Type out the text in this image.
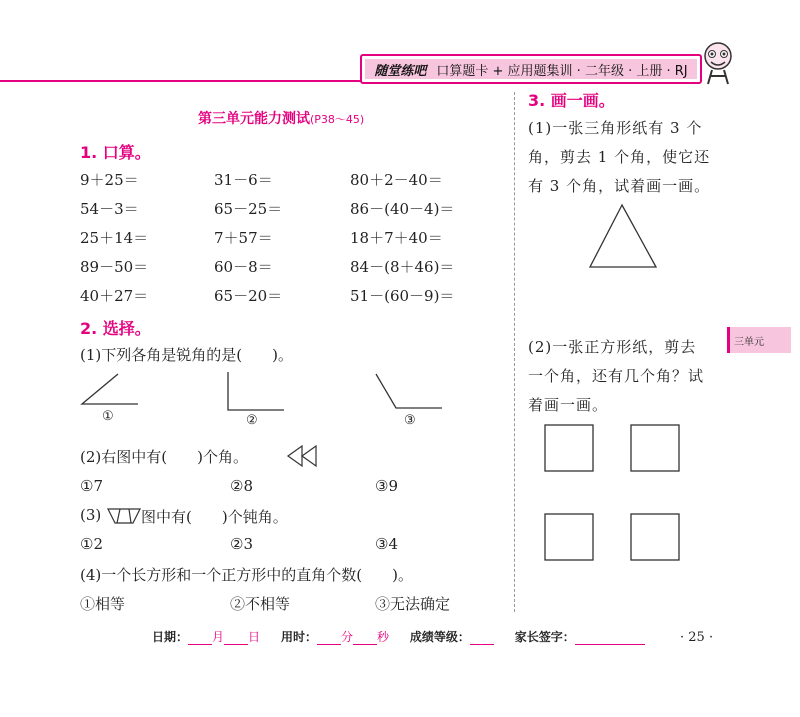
随堂练吧 口算题卡 + 应用题集训 · 二年级 · 上册 · RJ
第三单元能力测试(P38～45)
1. 口算。
9＋25＝	31－6＝	80＋2－40＝
54－3＝	65－25＝	86－(40－4)＝
25＋14＝	7＋57＝	18＋7＋40＝
89－50＝	60－8＝	84－(8＋46)＝
40＋27＝	65－20＝	51－(60－9)＝
2. 选择。
(1)下列各角是锐角的是(　　)。
①	②	③
(2)右图中有(　　)个角。
①7	②8	③9
(3)	图中有(　　)个钝角。
①2	②3	③4
(4)一个长方形和一个正方形中的直角个数(　　)。
①相等	②不相等	③无法确定
3. 画一画。
(1)一张三角形纸有 3 个
角，剪去 1 个角，使它还
有 3 个角，试着画一画。
(2)一张正方形纸，剪去
一个角，还有几个角？试
着画一画。
三单元
日期： 月 日 用时： 分 秒 成绩等级：	家长签字：	· 25 ·
